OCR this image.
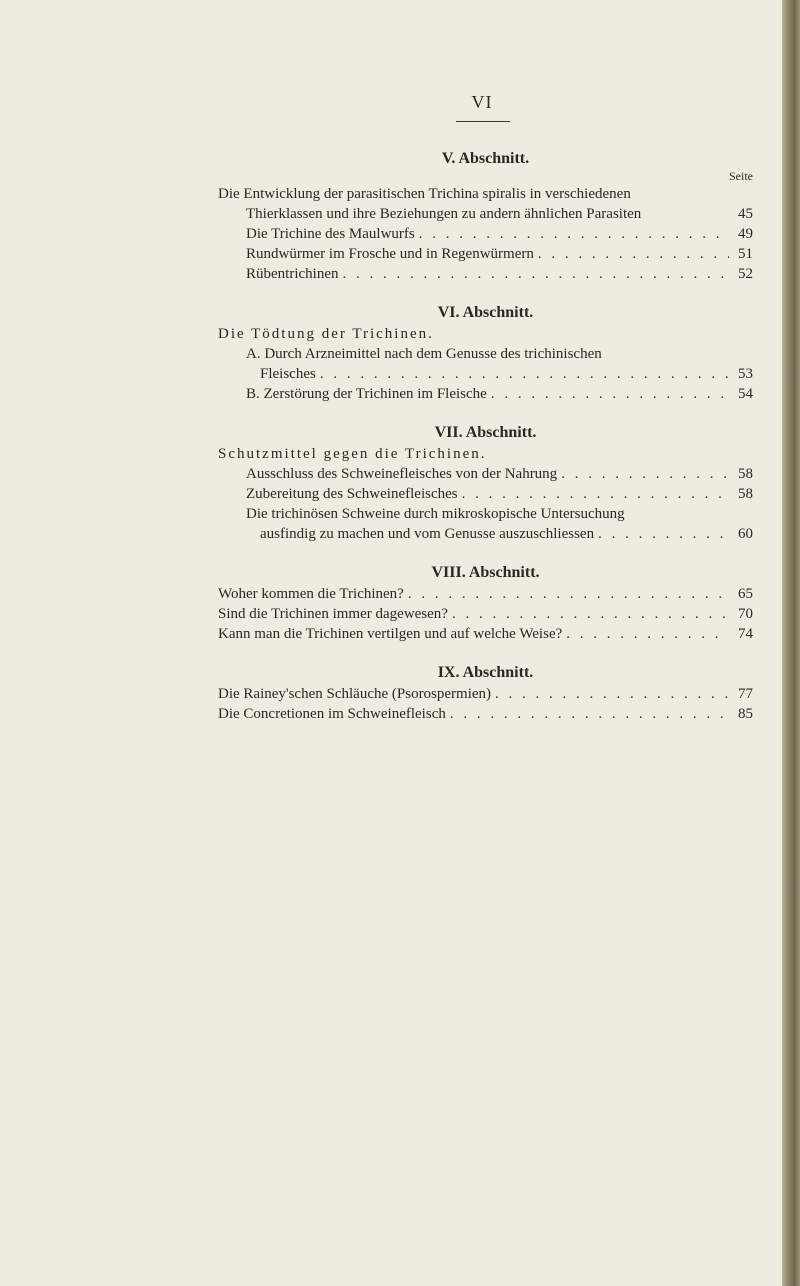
VI
V. Abschnitt.
Seite
Die Entwicklung der parasitischen Trichina spiralis in verschiedenen
Thierklassen und ihre Beziehungen zu andern ähnlichen Parasiten	45
Die Trichine des Maulwurfs . . .	49
Rundwürmer im Frosche und in Regenwürmern . . .	51
Rübentrichinen . . .	52
VI. Abschnitt.
Die Tödtung der Trichinen.
A. Durch Arzneimittel nach dem Genusse des trichinischen
Fleisches . . .	53
B. Zerstörung der Trichinen im Fleische . . .	54
VII. Abschnitt.
Schutzmittel gegen die Trichinen.
Ausschluss des Schweinefleisches von der Nahrung . . .	58
Zubereitung des Schweinefleisches . . .	58
Die trichinösen Schweine durch mikroskopische Untersuchung
ausfindig zu machen und vom Genusse auszuschliessen . . .	60
VIII. Abschnitt.
Woher kommen die Trichinen? . . .	65
Sind die Trichinen immer dagewesen? . . .	70
Kann man die Trichinen vertilgen und auf welche Weise? . . .	74
IX. Abschnitt.
Die Rainey'schen Schläuche (Psorospermien) . . .	77
Die Concretionen im Schweinefleisch . . .	85
